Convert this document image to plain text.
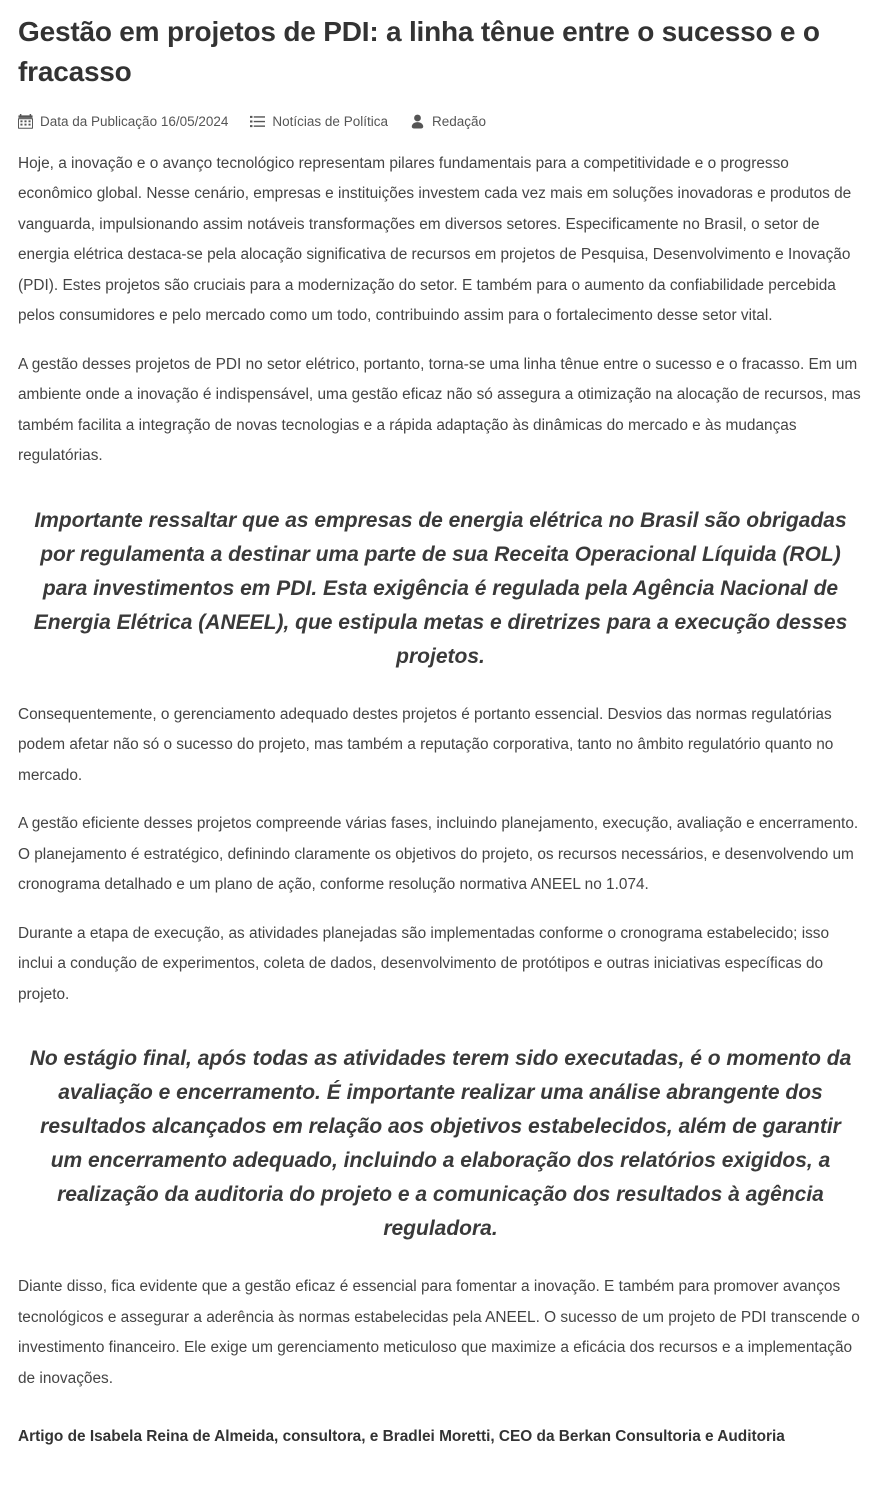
Gestão em projetos de PDI: a linha tênue entre o sucesso e o fracasso
Data da Publicação 16/05/2024	Notícias de Política	Redação

Hoje, a inovação e o avanço tecnológico representam pilares fundamentais para a competitividade e o progresso econômico global. Nesse cenário, empresas e instituições investem cada vez mais em soluções inovadoras e produtos de vanguarda, impulsionando assim notáveis transformações em diversos setores. Especificamente no Brasil, o setor de energia elétrica destaca-se pela alocação significativa de recursos em projetos de Pesquisa, Desenvolvimento e Inovação (PDI). Estes projetos são cruciais para a modernização do setor. E também para o aumento da confiabilidade percebida pelos consumidores e pelo mercado como um todo, contribuindo assim para o fortalecimento desse setor vital.

A gestão desses projetos de PDI no setor elétrico, portanto, torna-se uma linha tênue entre o sucesso e o fracasso. Em um ambiente onde a inovação é indispensável, uma gestão eficaz não só assegura a otimização na alocação de recursos, mas também facilita a integração de novas tecnologias e a rápida adaptação às dinâmicas do mercado e às mudanças regulatórias.

Importante ressaltar que as empresas de energia elétrica no Brasil são obrigadas por regulamenta a destinar uma parte de sua Receita Operacional Líquida (ROL) para investimentos em PDI. Esta exigência é regulada pela Agência Nacional de Energia Elétrica (ANEEL), que estipula metas e diretrizes para a execução desses projetos.

Consequentemente, o gerenciamento adequado destes projetos é portanto essencial. Desvios das normas regulatórias podem afetar não só o sucesso do projeto, mas também a reputação corporativa, tanto no âmbito regulatório quanto no mercado.

A gestão eficiente desses projetos compreende várias fases, incluindo planejamento, execução, avaliação e encerramento. O planejamento é estratégico, definindo claramente os objetivos do projeto, os recursos necessários, e desenvolvendo um cronograma detalhado e um plano de ação, conforme resolução normativa ANEEL no 1.074.

Durante a etapa de execução, as atividades planejadas são implementadas conforme o cronograma estabelecido; isso inclui a condução de experimentos, coleta de dados, desenvolvimento de protótipos e outras iniciativas específicas do projeto.

No estágio final, após todas as atividades terem sido executadas, é o momento da avaliação e encerramento. É importante realizar uma análise abrangente dos resultados alcançados em relação aos objetivos estabelecidos, além de garantir um encerramento adequado, incluindo a elaboração dos relatórios exigidos, a realização da auditoria do projeto e a comunicação dos resultados à agência reguladora.

Diante disso, fica evidente que a gestão eficaz é essencial para fomentar a inovação. E também para promover avanços tecnológicos e assegurar a aderência às normas estabelecidas pela ANEEL. O sucesso de um projeto de PDI transcende o investimento financeiro. Ele exige um gerenciamento meticuloso que maximize a eficácia dos recursos e a implementação de inovações.

Artigo de Isabela Reina de Almeida, consultora, e Bradlei Moretti, CEO da Berkan Consultoria e Auditoria
